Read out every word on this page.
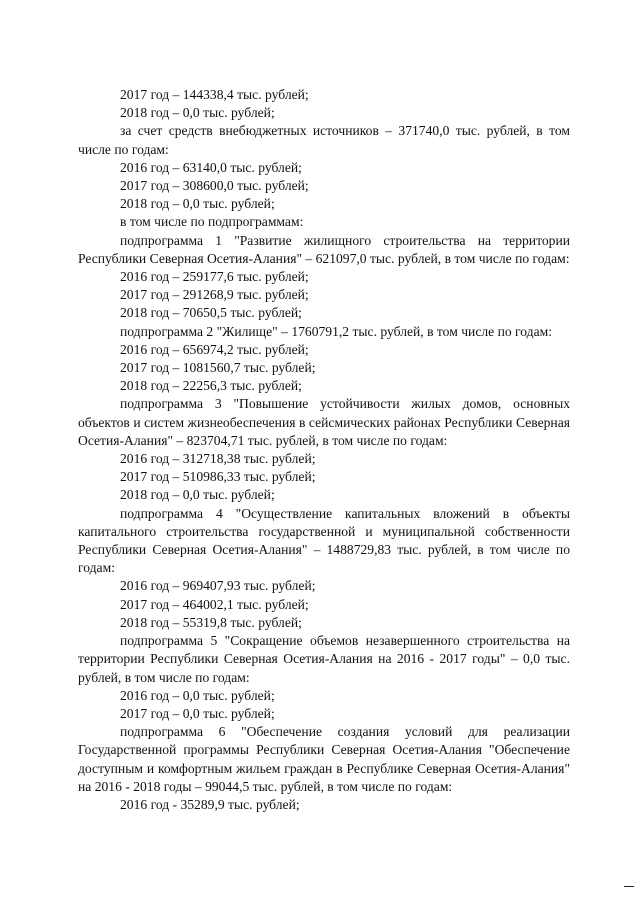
2017 год – 144338,4 тыс. рублей;

2018 год – 0,0 тыс. рублей;

за счет средств внебюджетных источников – 371740,0 тыс. рублей, в том числе по годам:

2016 год – 63140,0 тыс. рублей;

2017 год – 308600,0 тыс. рублей;

2018 год – 0,0 тыс. рублей;

в том числе по подпрограммам:

подпрограмма 1 "Развитие жилищного строительства на территории Республики Северная Осетия-Алания" – 621097,0 тыс. рублей, в том числе по годам:

2016 год – 259177,6 тыс. рублей;

2017 год – 291268,9 тыс. рублей;

2018 год – 70650,5 тыс. рублей;

подпрограмма 2 "Жилище" – 1760791,2 тыс. рублей, в том числе по годам:

2016 год – 656974,2 тыс. рублей;

2017 год – 1081560,7 тыс. рублей;

2018 год – 22256,3 тыс. рублей;

подпрограмма 3 "Повышение устойчивости жилых домов, основных объектов и систем жизнеобеспечения в сейсмических районах Республики Северная Осетия-Алания" – 823704,71 тыс. рублей, в том числе по годам:

2016 год – 312718,38 тыс. рублей;

2017 год – 510986,33 тыс. рублей;

2018 год – 0,0 тыс. рублей;

подпрограмма 4 "Осуществление капитальных вложений в объекты капитального строительства государственной и муниципальной собственности Республики Северная Осетия-Алания" – 1488729,83 тыс. рублей, в том числе по годам:

2016 год – 969407,93 тыс. рублей;

2017 год – 464002,1 тыс. рублей;

2018 год – 55319,8 тыс. рублей;

подпрограмма 5 "Сокращение объемов незавершенного строительства на территории Республики Северная Осетия-Алания на 2016 - 2017 годы" – 0,0 тыс. рублей, в том числе по годам:

2016 год – 0,0 тыс. рублей;

2017 год – 0,0 тыс. рублей;

подпрограмма 6 "Обеспечение создания условий для реализации Государственной программы Республики Северная Осетия-Алания "Обеспечение доступным и комфортным жильем граждан в Республике Северная Осетия-Алания" на 2016 - 2018 годы – 99044,5 тыс. рублей, в том числе по годам:

2016 год - 35289,9 тыс. рублей;
